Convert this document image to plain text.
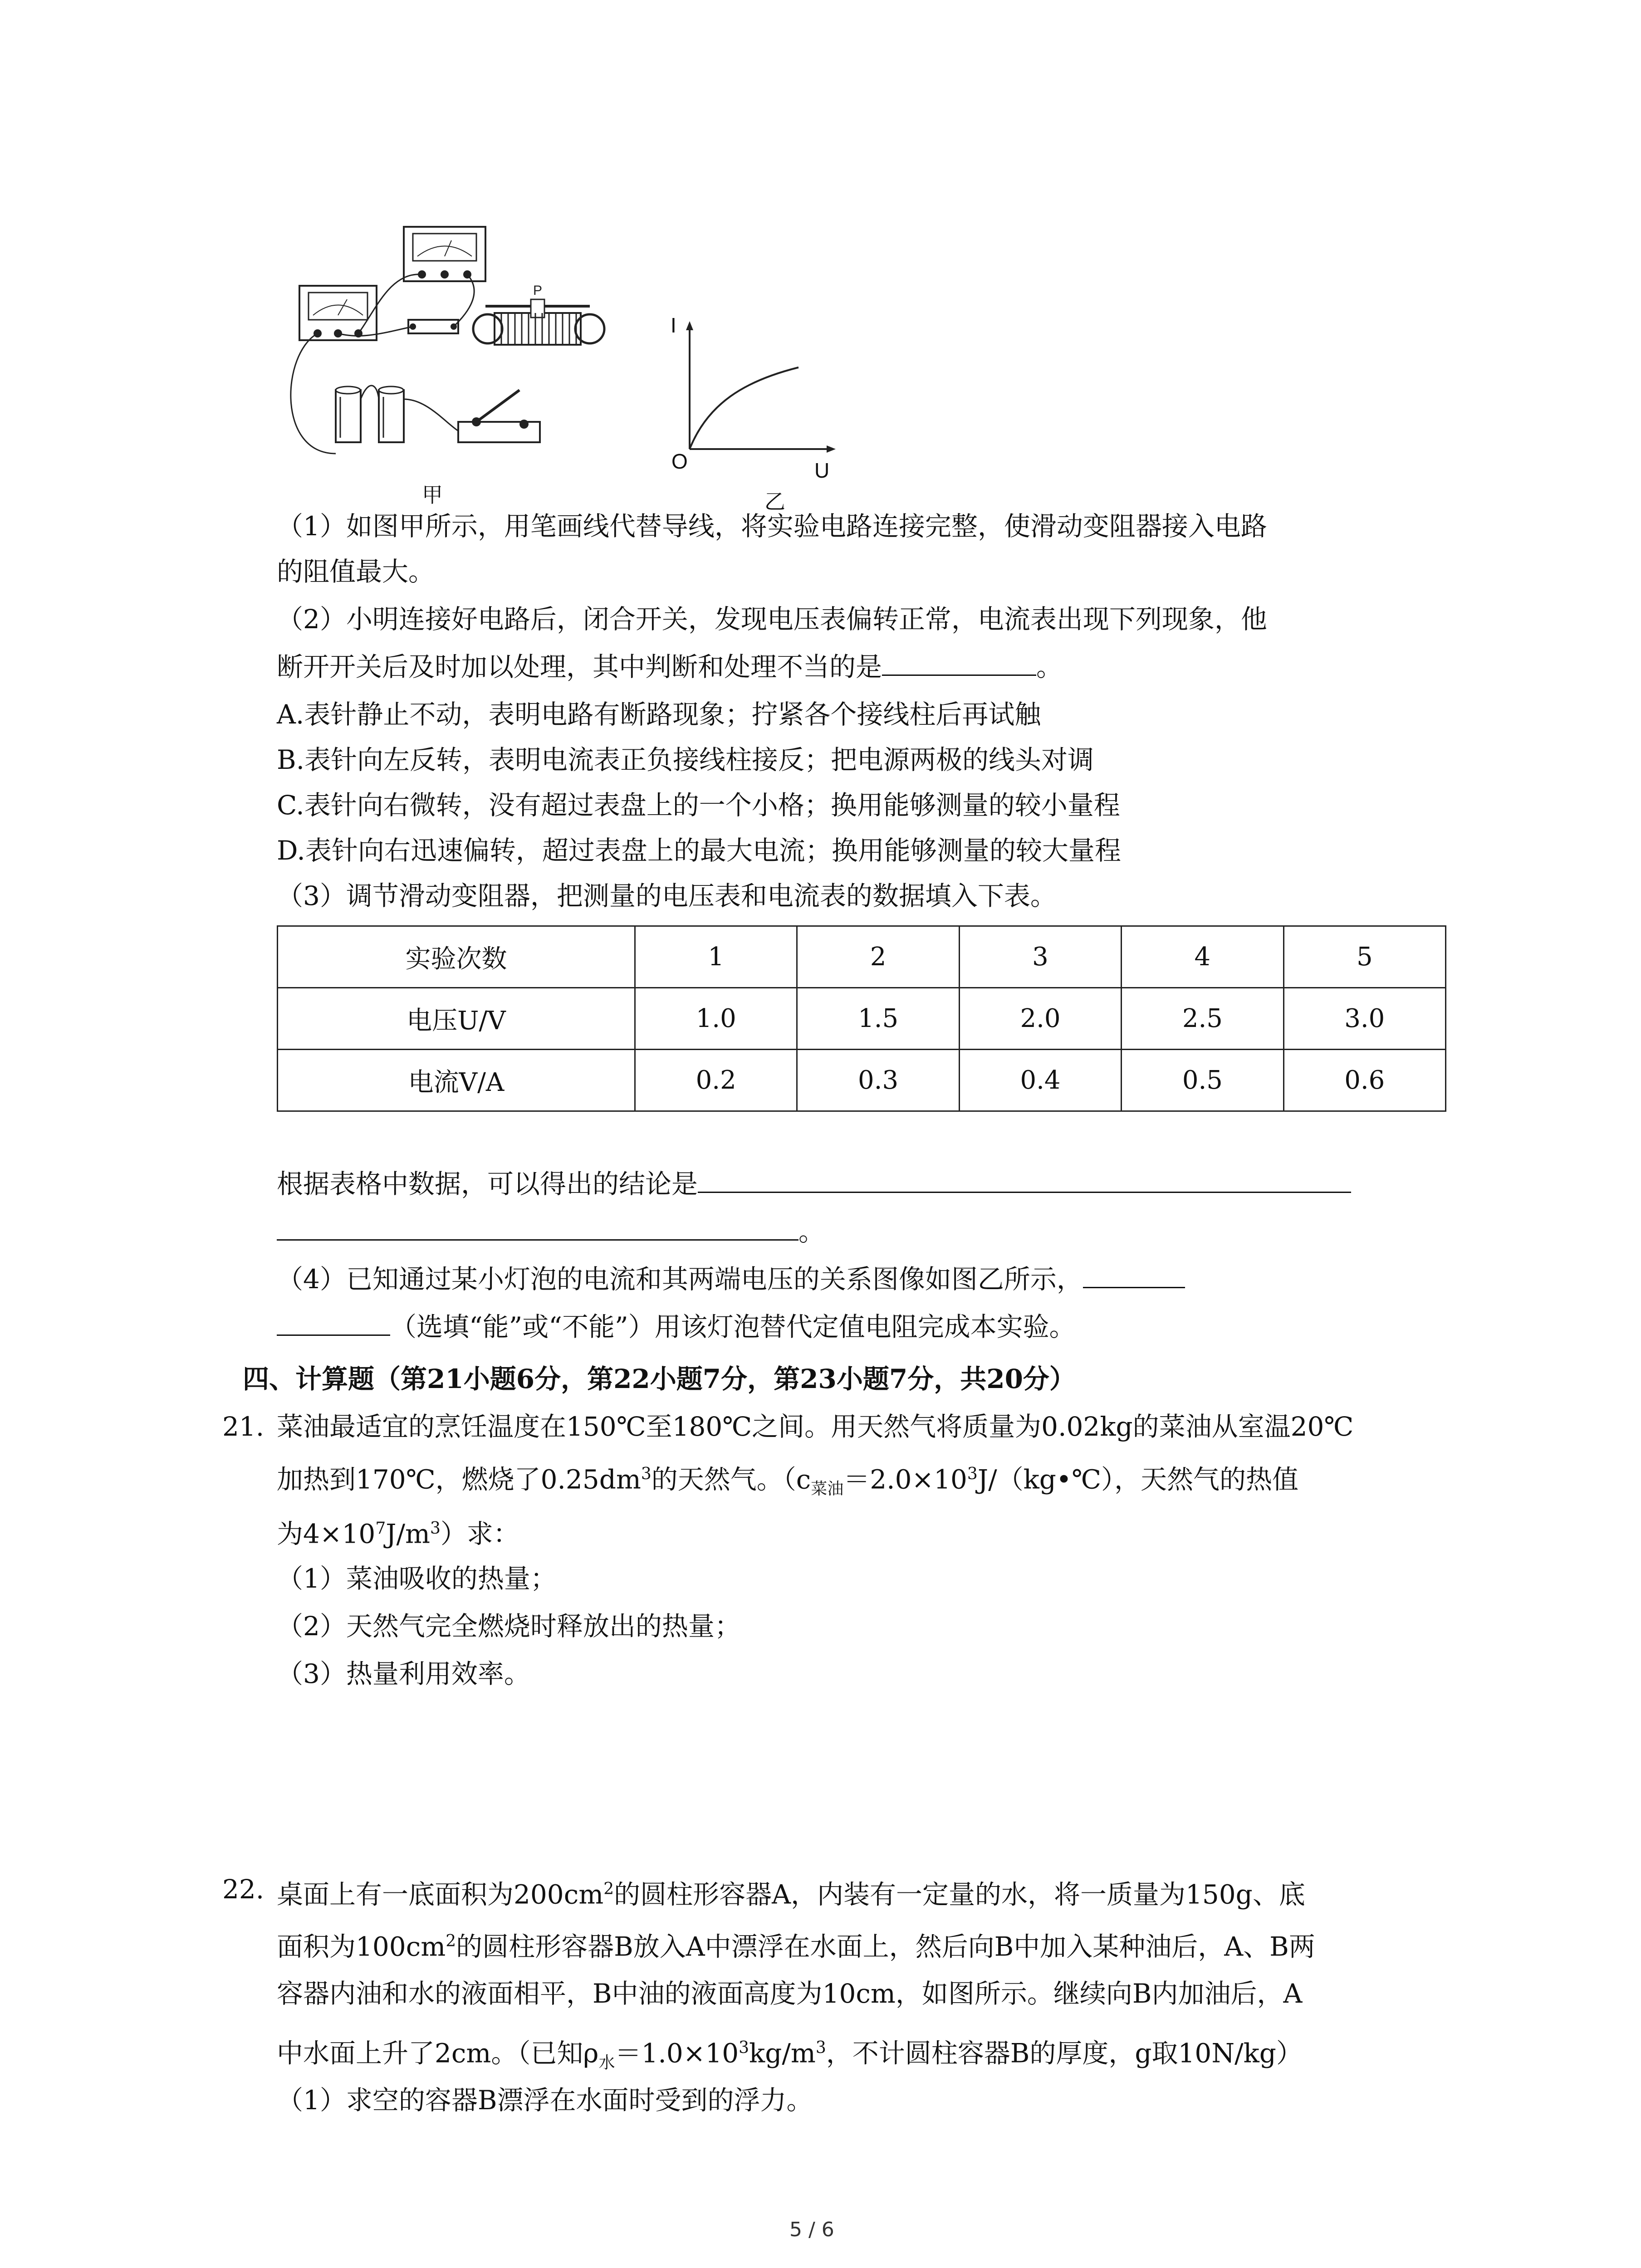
P
甲
I
O	U
乙
（1）如图甲所示，用笔画线代替导线，将实验电路连接完整，使滑动变阻器接入电路
的阻值最大。
（2）小明连接好电路后，闭合开关，发现电压表偏转正常，电流表出现下列现象，他
断开开关后及时加以处理，其中判断和处理不当的是	。
A.表针静止不动，表明电路有断路现象；拧紧各个接线柱后再试触
B.表针向左反转，表明电流表正负接线柱接反；把电源两极的线头对调
C.表针向右微转，没有超过表盘上的一个小格；换用能够测量的较小量程
D.表针向右迅速偏转，超过表盘上的最大电流；换用能够测量的较大量程
（3）调节滑动变阻器，把测量的电压表和电流表的数据填入下表。
实验次数	1	2	3	4	5
电压U/V	1.0	1.5	2.0	2.5	3.0
电流V/A	0.2	0.3	0.4	0.5	0.6
根据表格中数据，可以得出的结论是
。
（4）已知通过某小灯泡的电流和其两端电压的关系图像如图乙所示，
（选填“能”或“不能”）用该灯泡替代定值电阻完成本实验。
四、计算题（第21小题6分，第22小题7分，第23小题7分，共20分）
21. 菜油最适宜的烹饪温度在150℃至180℃之间。用天然气将质量为0.02kg的菜油从室温20℃
加热到170℃，燃烧了$0.25dm^3$的天然气。（$c_{菜油}=2.0\times 10^3J/(kg•℃)$，天然气的热值
为$4\times 10^7J/m^3$）求：
（1）菜油吸收的热量；
（2）天然气完全燃烧时释放出的热量；
（3）热量利用效率。
22. 桌面上有一底面积为$200cm^2$的圆柱形容器A，内装有一定量的水，将一质量为150g、底
面积为$100cm^2$的圆柱形容器B放入A中漂浮在水面上，然后向B中加入某种油后，A、B两
容器内油和水的液面相平，B中油的液面高度为10cm，如图所示。继续向B内加油后，A
中水面上升了2cm。（已知$\rho_水=1.0\times 10^3kg/m^3$，不计圆柱容器B的厚度，g取10N/kg）
（1）求空的容器B漂浮在水面时受到的浮力。
5 / 6
